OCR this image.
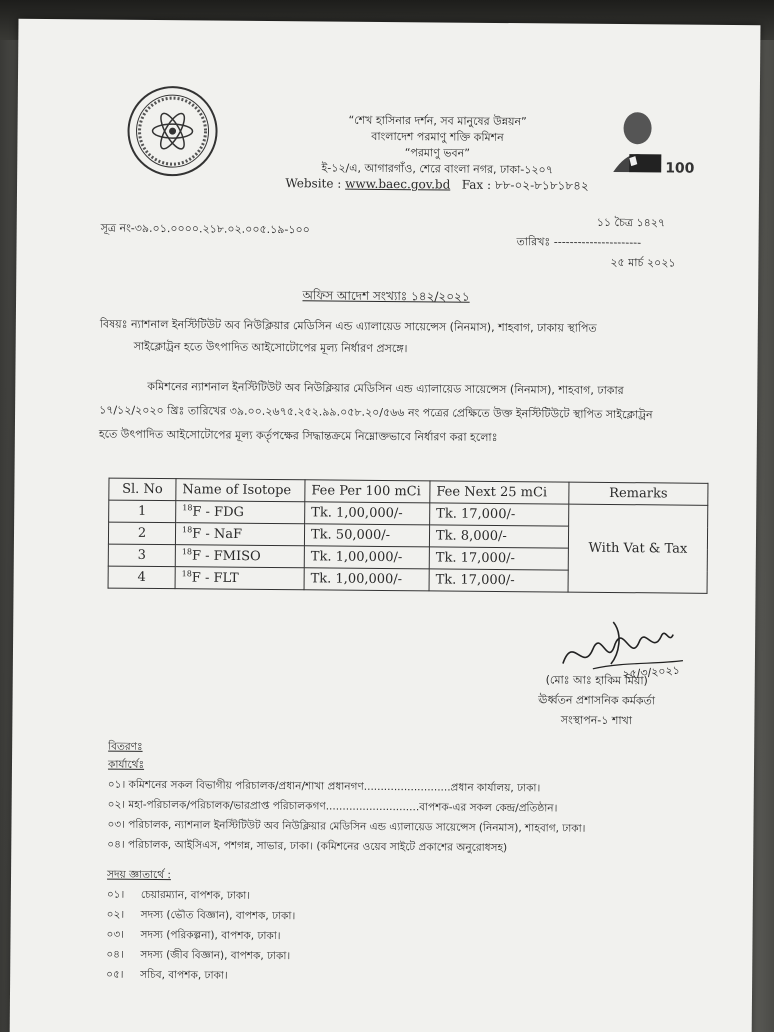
100
“শেখ হাসিনার দর্শন, সব মানুষের উন্নয়ন”
বাংলাদেশ পরমাণু শক্তি কমিশন
“পরমাণু ভবন”
ই-১২/এ, আগারগাঁও, শেরে বাংলা নগর, ঢাকা-১২০৭
Website : www.baec.gov.bd Fax : ৮৮-০২-৮১৮১৮৪২
১১ চৈত্র ১৪২৭
সূত্র নং-৩৯.০১.০০০০.২১৮.০২.০০৫.১৯-১০০
তারিখঃ ----------------------
২৫ মার্চ ২০২১
অফিস আদেশ সংখ্যাঃ ১৪২/২০২১
বিষয়ঃ ন্যাশনাল ইনস্টিটিউট অব নিউক্লিয়ার মেডিসিন এন্ড এ্যালায়েড সায়েন্সেস (নিনমাস), শাহবাগ, ঢাকায় স্থাপিত
সাইক্লোট্রন হতে উৎপাদিত আইসোটোপের মূল্য নির্ধারণ প্রসঙ্গে।
কমিশনের ন্যাশনাল ইনস্টিটিউট অব নিউক্লিয়ার মেডিসিন এন্ড এ্যালায়েড সায়েন্সেস (নিনমাস), শাহবাগ, ঢাকার
১৭/১২/২০২০ খ্রিঃ তারিখের ৩৯.০০.২৬৭৫.২৫২.৯৯.০৫৮.২০/৫৬৬ নং পত্রের প্রেক্ষিতে উক্ত ইনস্টিটিউটে স্থাপিত সাইক্লোট্রন
হতে উৎপাদিত আইসোটোপের মূল্য কর্তৃপক্ষের সিদ্ধান্তক্রমে নিম্নোক্তভাবে নির্ধারণ করা হলোঃ
Sl. No	Name of Isotope	Fee Per 100 mCi	Fee Next 25 mCi	Remarks
1	$^{18}$F - FDG	Tk. 1,00,000/-	Tk. 17,000/-	With Vat & Tax
2	$^{18}$F - NaF	Tk. 50,000/-	Tk. 8,000/-	
3	$^{18}$F - FMISO	Tk. 1,00,000/-	Tk. 17,000/-	
4	$^{18}$F - FLT	Tk. 1,00,000/-	Tk. 17,000/-	
২৫/৩/২০২১
(মোঃ আঃ হাকিম মিয়া)
ঊর্ধ্বতন প্রশাসনিক কর্মকর্তা
সংস্থাপন-১ শাখা
বিতরণঃ
কার্যার্থেঃ
০১। কমিশনের সকল বিভাগীয় পরিচালক/প্রধান/শাখা প্রধানগণ..........................প্রধান কার্যালয়, ঢাকা।
০২। মহা-পরিচালক/পরিচালক/ভারপ্রাপ্ত পরিচালকগণ............................বাপশক-এর সকল কেন্দ্র/প্রতিষ্ঠান।
০৩। পরিচালক, ন্যাশনাল ইনস্টিটিউট অব নিউক্লিয়ার মেডিসিন এন্ড এ্যালায়েড সায়েন্সেস (নিনমাস), শাহবাগ, ঢাকা।
০৪। পরিচালক, আইসিএস, পশগন্ন, সাভার, ঢাকা। (কমিশনের ওয়েব সাইটে প্রকাশের অনুরোধসহ)
সদয় জ্ঞাতার্থে :
০১। চেয়ারম্যান, বাপশক, ঢাকা।
০২। সদস্য (ভৌত বিজ্ঞান), বাপশক, ঢাকা।
০৩। সদস্য (পরিকল্পনা), বাপশক, ঢাকা।
০৪। সদস্য (জীব বিজ্ঞান), বাপশক, ঢাকা।
০৫। সচিব, বাপশক, ঢাকা।
